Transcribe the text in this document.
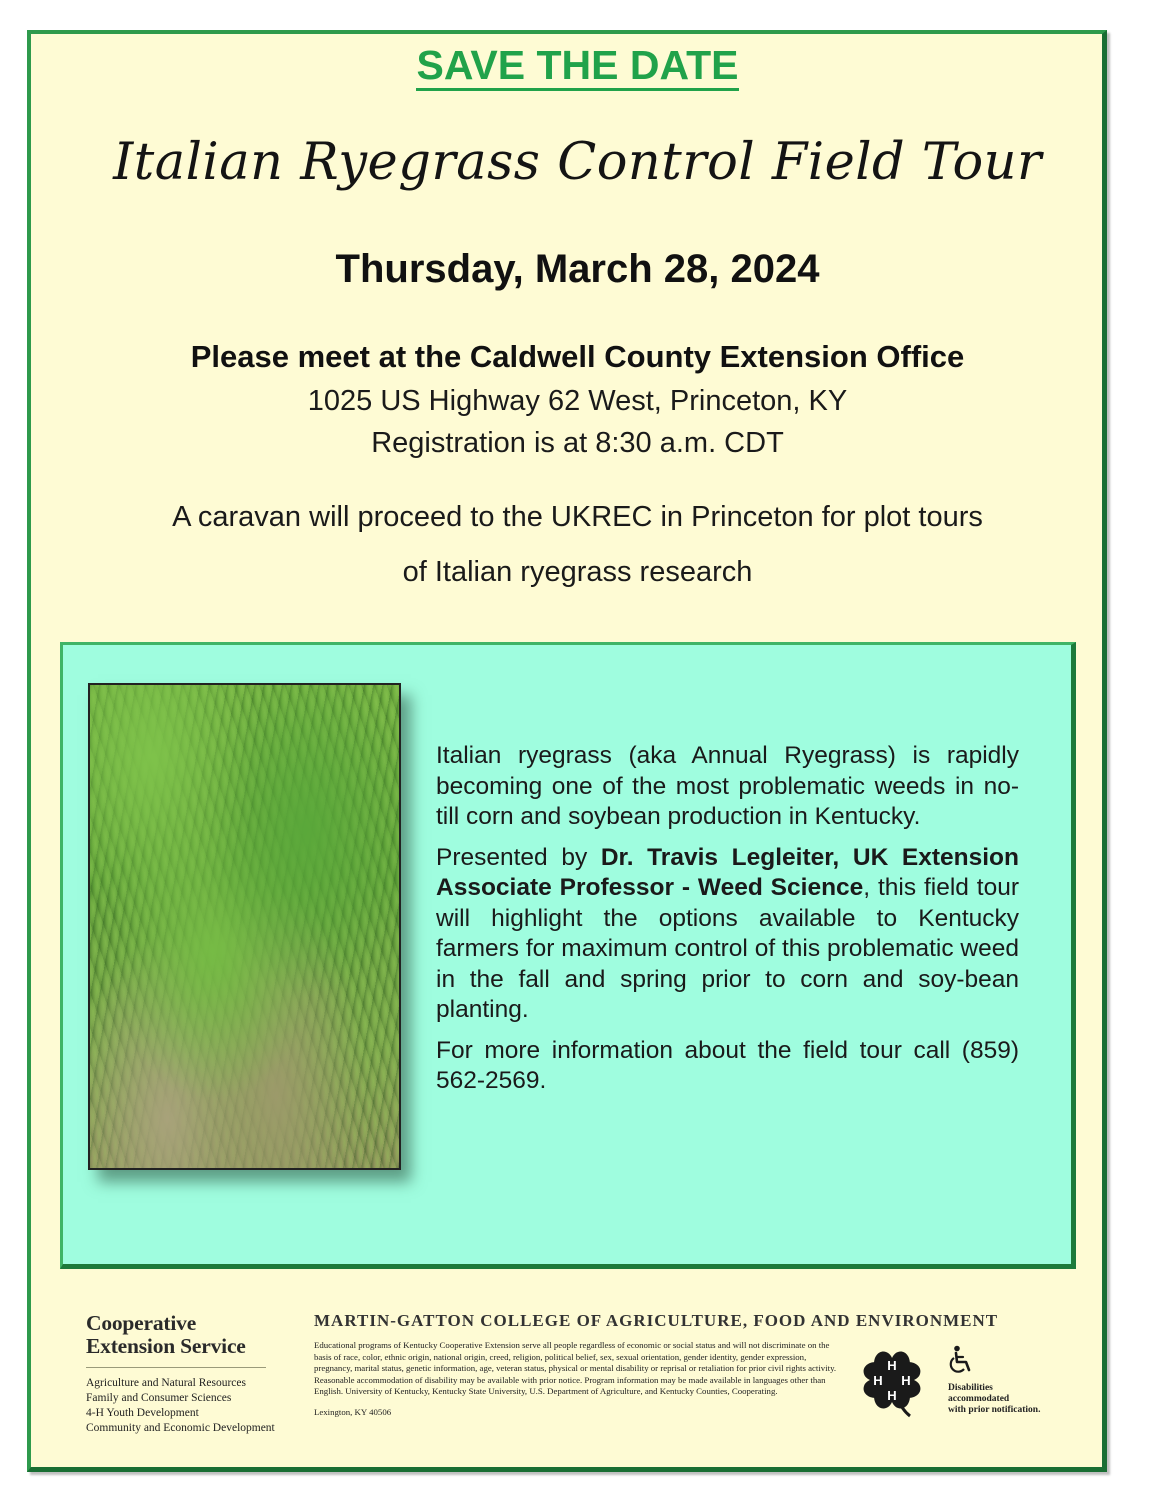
SAVE THE DATE
Italian Ryegrass Control Field Tour
Thursday, March 28, 2024
Please meet at the Caldwell County Extension Office
1025 US Highway 62 West, Princeton, KY
Registration is at 8:30 a.m. CDT
A caravan will proceed to the UKREC in Princeton for plot tours
of Italian ryegrass research

Italian ryegrass (aka Annual Ryegrass) is rapidly becoming one of the most problematic weeds in no-till corn and soybean production in Kentucky.

Presented by Dr. Travis Legleiter, UK Extension Associate Professor - Weed Science, this field tour will highlight the options available to Kentucky farmers for maximum control of this problematic weed in the fall and spring prior to corn and soy-bean planting.

For more information about the field tour call (859) 562-2569.

Cooperative
Extension Service
Agriculture and Natural Resources
Family and Consumer Sciences
4-H Youth Development
Community and Economic Development
MARTIN-GATTON COLLEGE OF AGRICULTURE, FOOD AND ENVIRONMENT
Educational programs of Kentucky Cooperative Extension serve all people regardless of economic or social status and will not discriminate on the basis of race, color, ethnic origin, national origin, creed, religion, political belief, sex, sexual orientation, gender identity, gender expression, pregnancy, marital status, genetic information, age, veteran status, physical or mental disability or reprisal or retaliation for prior civil rights activity. Reasonable accommodation of disability may be available with prior notice. Program information may be made available in languages other than English. University of Kentucky, Kentucky State University, U.S. Department of Agriculture, and Kentucky Counties, Cooperating.
Lexington, KY 40506
H
H H
H	Disabilities
accommodated
with prior notification.
